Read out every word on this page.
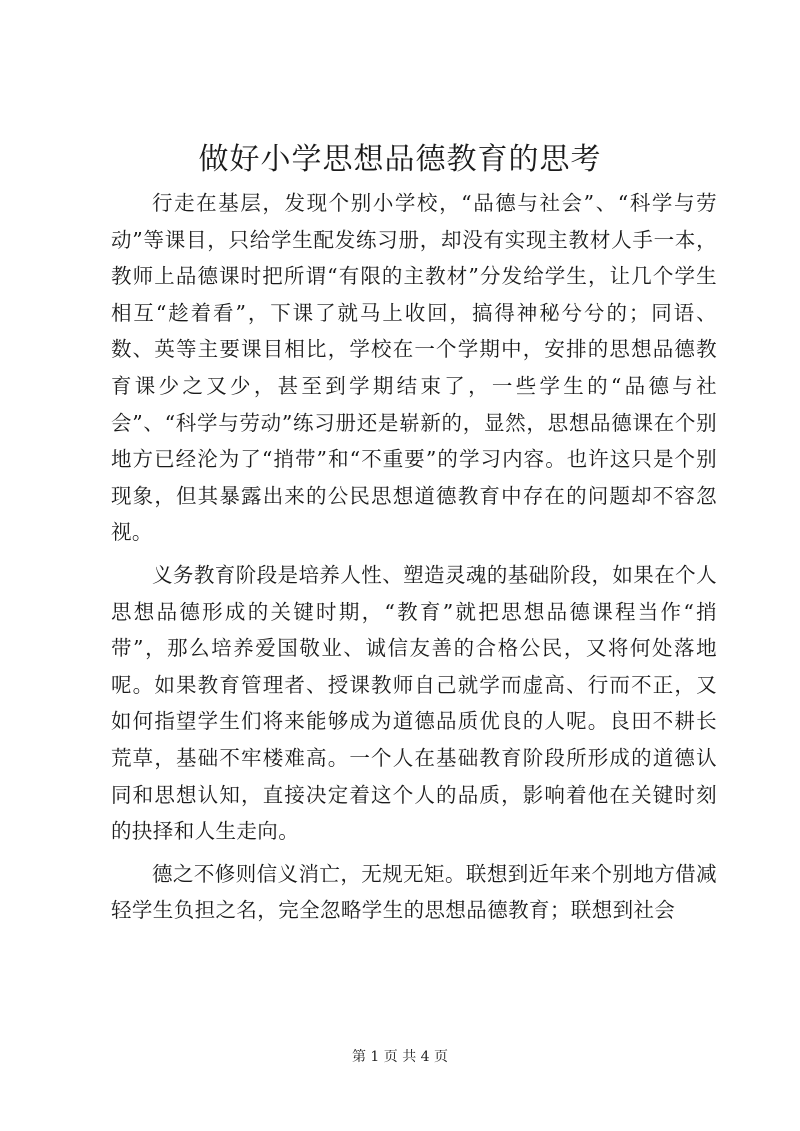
做好小学思想品德教育的思考

行走在基层，发现个别小学校，“品德与社会”、“科学与劳动”等课目，只给学生配发练习册，却没有实现主教材人手一本，教师上品德课时把所谓“有限的主教材”分发给学生，让几个学生相互“趁着看”，下课了就马上收回，搞得神秘兮兮的；同语、数、英等主要课目相比，学校在一个学期中，安排的思想品德教育课少之又少，甚至到学期结束了，一些学生的“品德与社会”、“科学与劳动”练习册还是崭新的，显然，思想品德课在个别地方已经沦为了“捎带”和“不重要”的学习内容。也许这只是个别现象，但其暴露出来的公民思想道德教育中存在的问题却不容忽视。

义务教育阶段是培养人性、塑造灵魂的基础阶段，如果在个人思想品德形成的关键时期，“教育”就把思想品德课程当作“捎带”，那么培养爱国敬业、诚信友善的合格公民，又将何处落地呢。如果教育管理者、授课教师自己就学而虚高、行而不正，又如何指望学生们将来能够成为道德品质优良的人呢。良田不耕长荒草，基础不牢楼难高。一个人在基础教育阶段所形成的道德认同和思想认知，直接决定着这个人的品质，影响着他在关键时刻的抉择和人生走向。

德之不修则信义消亡，无规无矩。联想到近年来个别地方借减轻学生负担之名，完全忽略学生的思想品德教育；联想到社会

第 1 页 共 4 页
